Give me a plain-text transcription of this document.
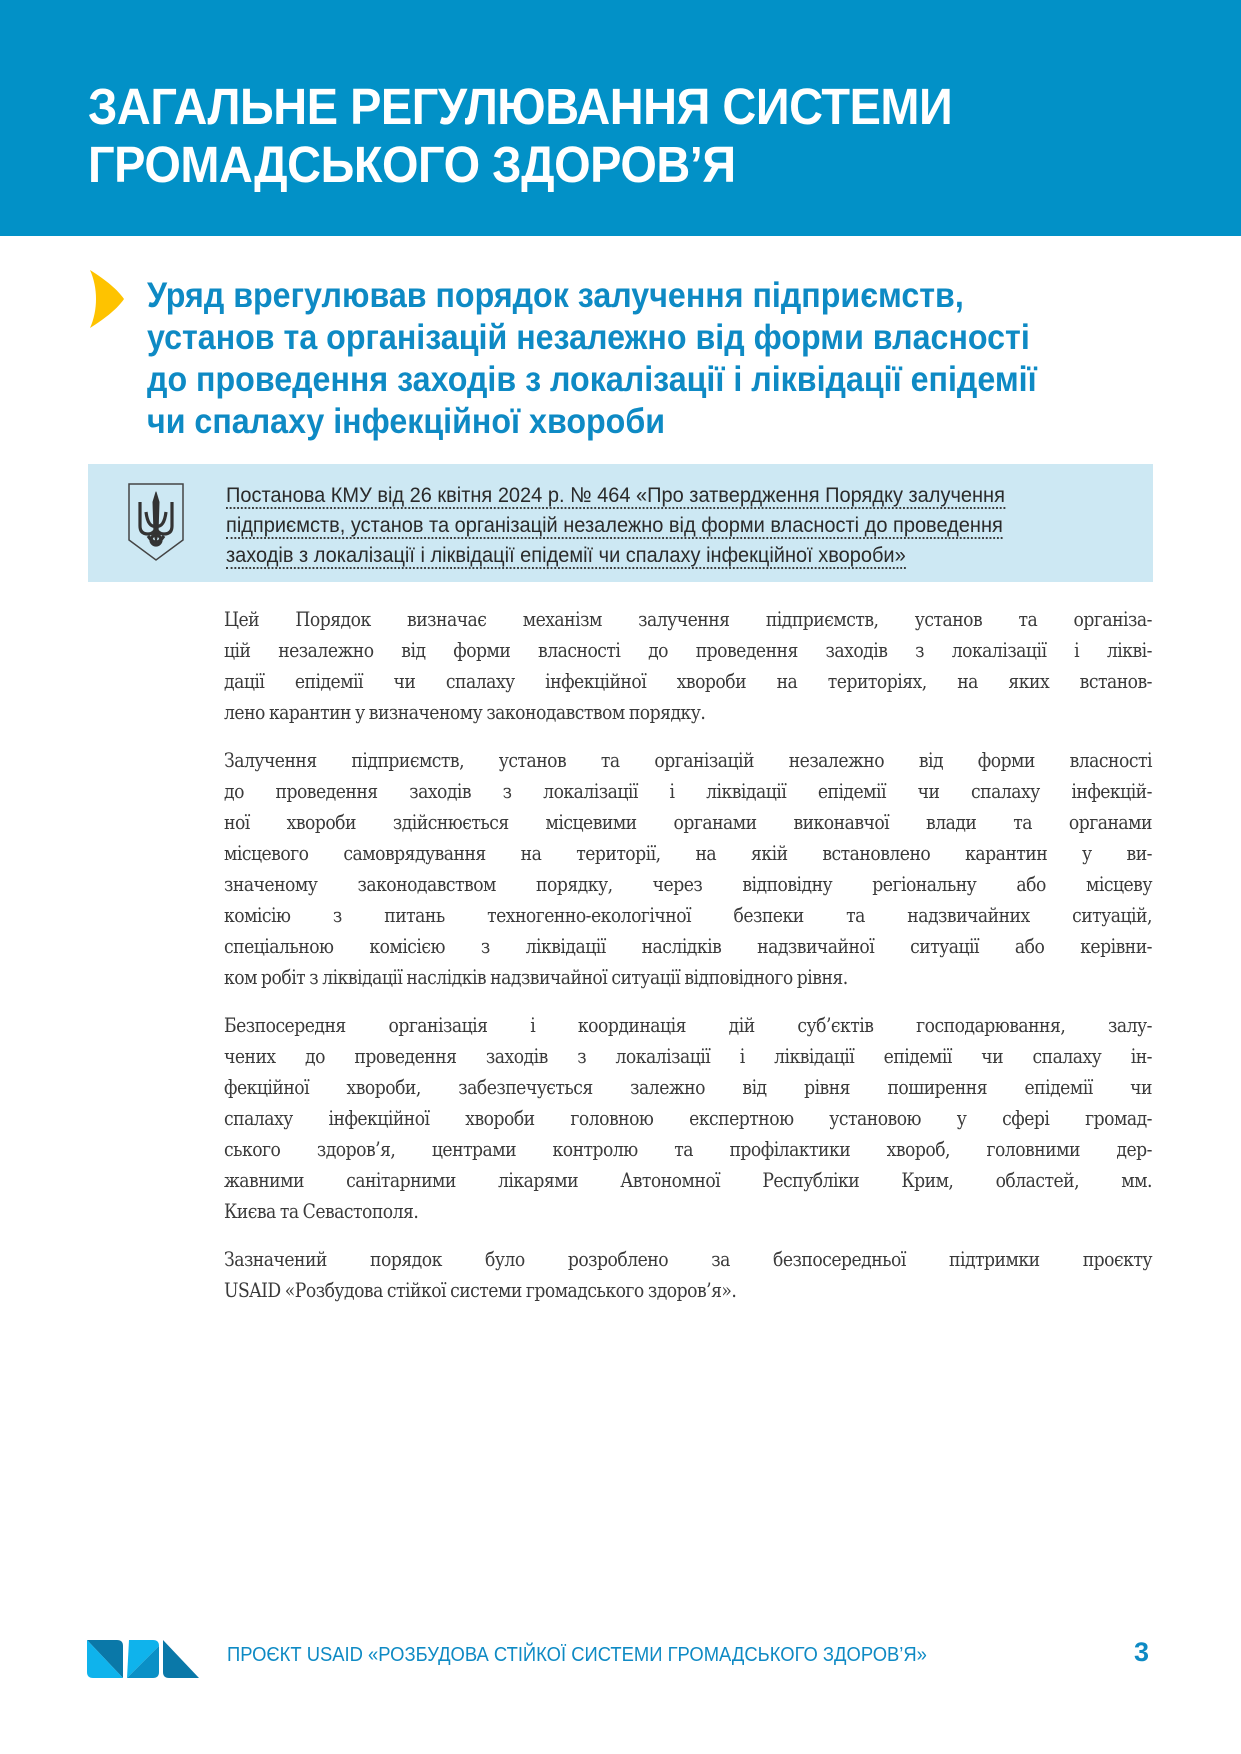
ЗАГАЛЬНЕ РЕГУЛЮВАННЯ СИСТЕМИ
ГРОМАДСЬКОГО ЗДОРОВ’Я
Уряд врегулював порядок залучення підприємств,
установ та організацій незалежно від форми власності
до проведення заходів з локалізації і ліквідації епідемії
чи спалаху інфекційної хвороби
Постанова КМУ від 26 квітня 2024 р. № 464 «Про затвердження Порядку залучення
підприємств, установ та організацій незалежно від форми власності до проведення
заходів з локалізації і ліквідації епідемії чи спалаху інфекційної хвороби»
Цей Порядок визначає механізм залучення підприємств, установ та організа-
цій незалежно від форми власності до проведення заходів з локалізації і ліквi-
дації епідемії чи спалаху інфекційної хвороби на територіях, на яких встанов-
лено карантин у визначеному законодавством порядку.
Залучення підприємств, установ та організацій незалежно від форми власності
до проведення заходів з локалізації і ліквідації епідемії чи спалаху інфекцій-
ної хвороби здійснюється місцевими органами виконавчої влади та органами
місцевого самоврядування на території, на якій встановлено карантин у ви-
значеному законодавством порядку, через відповідну регіональну або місцеву
комісію з питань техногенно-екологічної безпеки та надзвичайних ситуацій,
спеціальною комісією з ліквідації наслідків надзвичайної ситуації або керівни-
ком робіт з ліквідації наслідків надзвичайної ситуації відповідного рівня.
Безпосередня організація і координація дій суб’єктів господарювання, залу-
чених до проведення заходів з локалізації і ліквідації епідемії чи спалаху ін-
фекційної хвороби, забезпечується залежно від рівня поширення епідемії чи
спалаху інфекційної хвороби головною експертною установою у сфері громад-
ського здоров’я, центрами контролю та профілактики хвороб, головними дер-
жавними санітарними лікарями Автономної Республіки Крим, областей, мм.
Києва та Севастополя.
Зазначений порядок було розроблено за безпосередньої підтримки проєкту
USAID «Розбудова стійкої системи громадського здоров’я».
ПРОЄКТ USAID «РОЗБУДОВА СТІЙКОЇ СИСТЕМИ ГРОМАДСЬКОГО ЗДОРОВ’Я»	3
